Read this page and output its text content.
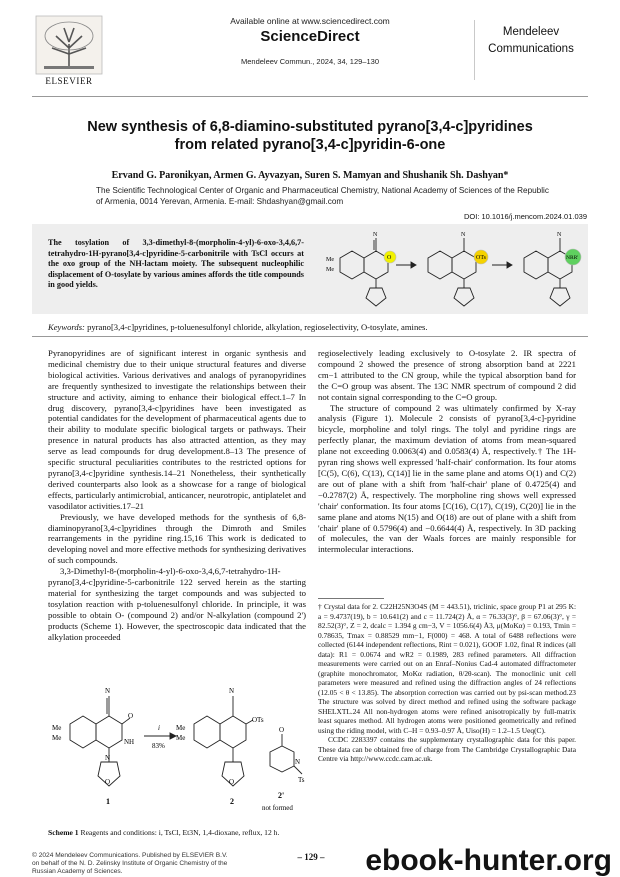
ELSEVIER
Available online at www.sciencedirect.com
ScienceDirect
Mendeleev Commun., 2024, 34, 129–130
Mendeleev
Communications
New synthesis of 6,8-diamino-substituted pyrano[3,4-c]pyridines
from related pyrano[3,4-c]pyridin-6-one
Ervand G. Paronikyan, Armen G. Ayvazyan, Suren S. Mamyan and Shushanik Sh. Dashyan*
The Scientific Technological Center of Organic and Pharmaceutical Chemistry, National Academy of Sciences of the Republic of Armenia, 0014 Yerevan, Armenia. E-mail: Shdashyan@gmail.com
DOI: 10.1016/j.mencom.2024.01.039
The tosylation of 3,3-dimethyl-8-(morpholin-4-yl)-6-oxo-3,4,6,7-tetrahydro-1H-pyrano[3,4-c]pyridine-5-carbonitrile with TsCl occurs at the oxo group of the NH-lactam moiety. The subsequent nucleophilic displacement of O-tosylate by various amines affords the title compounds in good yields.
Me
Me
N
O	OTs
N
NRR'
N
Keywords: pyrano[3,4-c]pyridines, p-toluenesulfonyl chloride, alkylation, regioselectivity, O-tosylate, amines.

Pyranopyridines are of significant interest in organic synthesis and medicinal chemistry due to their unique structural features and diverse biological activities. Various derivatives and analogs of pyranopyridines are frequently synthesized to investigate the relationships between their structure and activity, aiming to enhance their biological effect.1–7 In drug discovery, pyrano[3,4-c]pyridines have been investigated as potential candidates for the development of pharmaceutical agents due to their ability to modulate specific biological targets or pathways. Their presence in natural products has also attracted attention, as they may serve as lead compounds for drug development.8–13 The presence of specific structural peculiarities contributes to the restricted options for pyrano[3,4-c]pyridine synthesis.14–21 Nonetheless, their synthetically derived counterparts also look as a showcase for a range of biological effects, particularly antimicrobial, anticancer, neurotropic, antiplatelet and vasodilator activities.17–21

Previously, we have developed methods for the synthesis of 6,8-diaminopyrano[3,4-c]pyridines through the Dimroth and Smiles rearrangements in the pyridine ring.15,16 This work is dedicated to developing novel and more effective methods for synthesizing derivatives of such compounds.

3,3-Dimethyl-8-(morpholin-4-yl)-6-oxo-3,4,6,7-tetrahydro-1H-pyrano[3,4-c]pyridine-5-carbonitrile 122 served herein as the starting material for synthesizing the target compounds and was subjected to tosylation reaction with p-toluenesulfonyl chloride. In principle, it was possible to obtain O- (compound 2) and/or N-alkylation (compound 2') products (Scheme 1). However, the spectroscopic data indicated that the alkylation proceeded

regioselectively leading exclusively to O-tosylate 2. IR spectra of compound 2 showed the presence of strong absorption band at 2221 cm−1 attributed to the CN group, while the typical absorption band for the C=O group was absent. The 13C NMR spectrum of compound 2 did not contain signal corresponding to the C=O group.

The structure of compound 2 was ultimately confirmed by X-ray analysis (Figure 1). Molecule 2 consists of pyrano[3,4-c]-pyridine bicycle, morpholine and tolyl rings. The tolyl and pyridine rings are perfectly planar, the maximum deviation of atoms from mean-squared plane not exceeding 0.0063(4) and 0.0583(4) Å, respectively.† The 1H-pyran ring shows well expressed 'half-chair' conformation. Its four atoms [C(5), C(6), C(13), C(14)] lie in the same plane and atoms O(1) and C(2) are out of plane with a shift from 'half-chair' plane of 0.4725(4) and −0.2787(2) Å, respectively. The morpholine ring shows well expressed 'chair' conformation. Its four atoms [C(16), C(17), C(19), C(20)] lie in the same plane and atoms N(15) and O(18) are out of plane with a shift from 'chair' plane of 0.5796(4) and −0.6644(4) Å, respectively. In 3D packing of molecules, the van der Waals forces are mainly responsible for intermolecular interactions.

† Crystal data for 2. C22H25N3O4S (M = 443.51), triclinic, space group P1 at 295 K: a = 9.4737(19), b = 10.641(2) and c = 11.724(2) Å, α = 76.33(3)°, β = 67.06(3)°, γ = 82.52(3)°, Z = 2, dcalc = 1.394 g cm−3, V = 1056.6(4) Å3, μ(MoKα) = 0.193, Tmin = 0.78635, Tmax = 0.88529 mm−1, F(000) = 468. A total of 6488 reflections were collected (6144 independent reflections, Rint = 0.021), GOOF 1.02, final R indices (all data): R1 = 0.0674 and wR2 = 0.1989, 283 refined parameters. All diffraction measurements were carried out on an Enraf–Nonius Cad-4 automated diffractometer (graphite monochromator, MoKα radiation, θ/2θ-scan). The monoclinic unit cell parameters were measured and refined using the diffraction angles of 24 reflections (12.05 < θ < 13.85). The absorption correction was carried out by psi-scan method.23 The structure was solved by direct method and refined using the software package SHELXTL.24 All non-hydrogen atoms were refined anisotropically by full-matrix least squares method. All hydrogen atoms were positioned geometrically and refined using the riding model, with C–H = 0.93–0.97 Å, Uiso(H) = 1.2–1.5 Ueq(C).

CCDC 2283397 contains the supplementary crystallographic data for this paper. These data can be obtained free of charge from The Cambridge Crystallographic Data Centre via http://www.ccdc.cam.ac.uk.

Me
Me
N
O
NH
N
O
i
83%
Me
Me
N
OTs
O
O
N
Ts
1	2
2'
not formed
Scheme 1 Reagents and conditions: i, TsCl, Et3N, 1,4-dioxane, reflux, 12 h.
© 2024 Mendeleev Communications. Published by ELSEVIER B.V.
on behalf of the N. D. Zelinsky Institute of Organic Chemistry of the
Russian Academy of Sciences.
– 129 –	ebook-hunter.org
